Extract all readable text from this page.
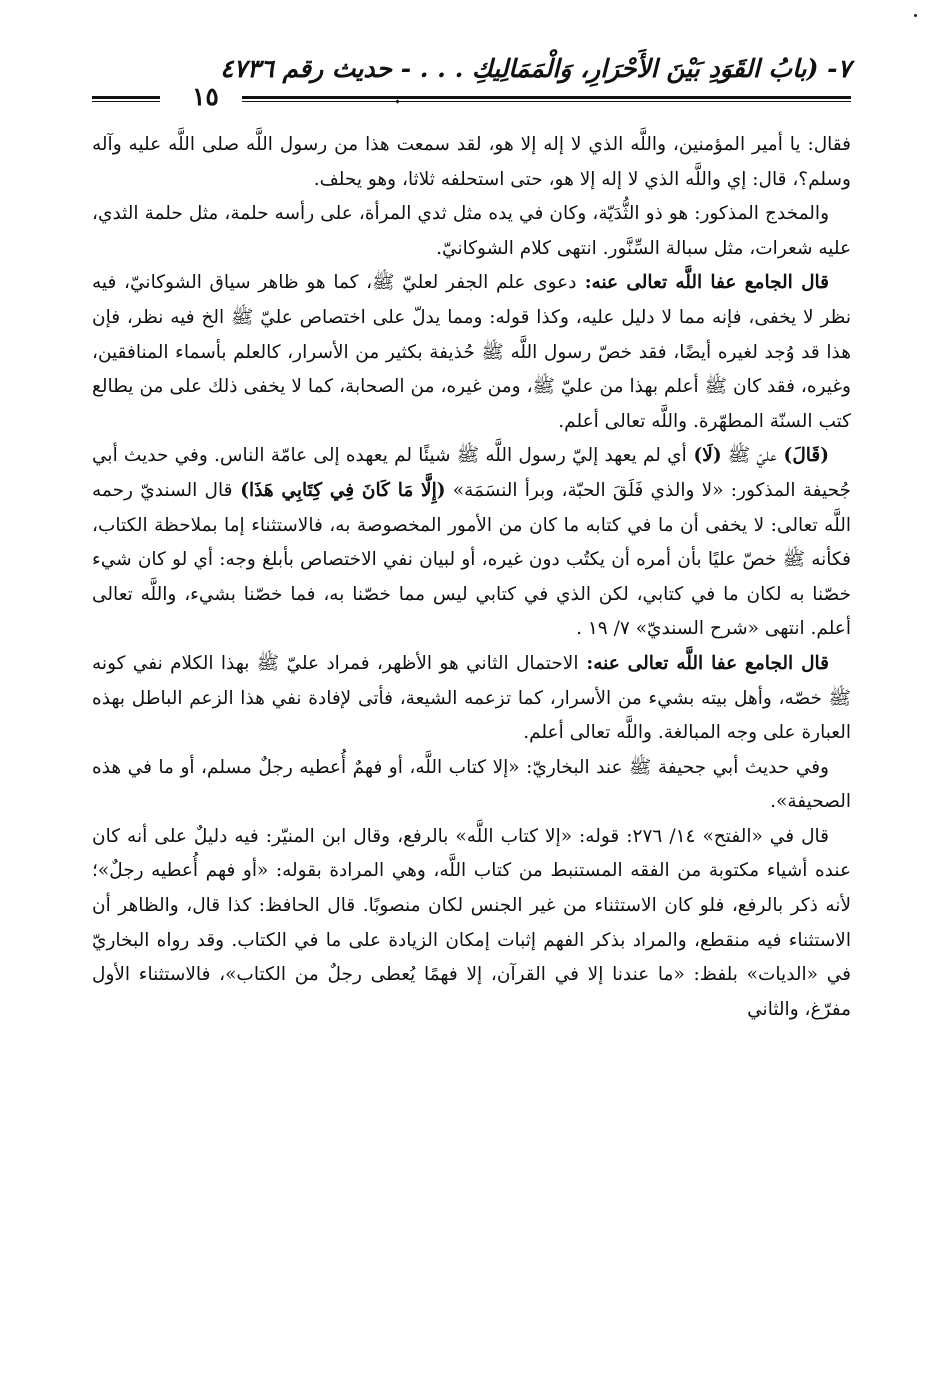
٧- (بابُ القَوَدِ بَيْنَ الأَحْرَارِ، وَالْمَمَالِيكِ . . . - حديث رقم ٤٧٣٦
١٥

فقال: يا أمير المؤمنين، واللَّه الذي لا إله إلا هو، لقد سمعت هذا من رسول اللَّه صلى اللَّه عليه وآله وسلم؟، قال: إي واللَّه الذي لا إله إلا هو، حتى استحلفه ثلاثا، وهو يحلف.

والمخدج المذكور: هو ذو الثُّدَيّة، وكان في يده مثل ثدي المرأة، على رأسه حلمة، مثل حلمة الثدي، عليه شعرات، مثل سبالة السِّنَّور. انتهى كلام الشوكانيّ.

قال الجامع عفا اللَّه تعالى عنه: دعوى علم الجفر لعليّ ﷺ، كما هو ظاهر سياق الشوكانيّ، فيه نظر لا يخفى، فإنه مما لا دليل عليه، وكذا قوله: ومما يدلّ على اختصاص عليّ ﷺ الخ فيه نظر، فإن هذا قد وُجد لغيره أيضًا، فقد خصّ رسول اللَّه ﷺ حُذيفة بكثير من الأسرار، كالعلم بأسماء المنافقين، وغيره، فقد كان ﷺ أعلم بهذا من عليّ ﷺ، ومن غيره، من الصحابة، كما لا يخفى ذلك على من يطالع كتب السنّة المطهّرة. واللَّه تعالى أعلم.

(قَالَ) عليّ ﷺ (لَا) أي لم يعهد إليّ رسول اللَّه ﷺ شيئًا لم يعهده إلى عامّة الناس. وفي حديث أبي جُحيفة المذكور: «لا والذي فَلَقَ الحبّة، وبرأ النسَمَة» (إِلَّا مَا كَانَ فِي كِتَابِي هَذَا) قال السنديّ رحمه اللَّه تعالى: لا يخفى أن ما في كتابه ما كان من الأمور المخصوصة به، فالاستثناء إما بملاحظة الكتاب، فكأنه ﷺ خصّ عليًا بأن أمره أن يكتُب دون غيره، أو لبيان نفي الاختصاص بأبلغ وجه: أي لو كان شيء خصّنا به لكان ما في كتابي، لكن الذي في كتابي ليس مما خصّنا به، فما خصّنا بشيء، واللَّه تعالى أعلم. انتهى «شرح السنديّ» ٧/ ١٩ .

قال الجامع عفا اللَّه تعالى عنه: الاحتمال الثاني هو الأظهر، فمراد عليّ ﷺ بهذا الكلام نفي كونه ﷺ خصّه، وأهل بيته بشيء من الأسرار، كما تزعمه الشيعة، فأتى لإفادة نفي هذا الزعم الباطل بهذه العبارة على وجه المبالغة. واللَّه تعالى أعلم.

وفي حديث أبي جحيفة ﷺ عند البخاريّ: «إلا كتاب اللَّه، أو فهمٌ أُعطيه رجلٌ مسلم، أو ما في هذه الصحيفة».

قال في «الفتح» ١٤/ ٢٧٦: قوله: «إلا كتاب اللَّه» بالرفع، وقال ابن المنيّر: فيه دليلٌ على أنه كان عنده أشياء مكتوبة من الفقه المستنبط من كتاب اللَّه، وهي المرادة بقوله: «أو فهم أُعطيه رجلٌ»؛ لأنه ذكر بالرفع، فلو كان الاستثناء من غير الجنس لكان منصوبًا. قال الحافظ: كذا قال، والظاهر أن الاستثناء فيه منقطع، والمراد بذكر الفهم إثبات إمكان الزيادة على ما في الكتاب. وقد رواه البخاريّ في «الديات» بلفظ: «ما عندنا إلا في القرآن، إلا فهمًا يُعطى رجلٌ من الكتاب»، فالاستثناء الأول مفرّغ، والثاني
